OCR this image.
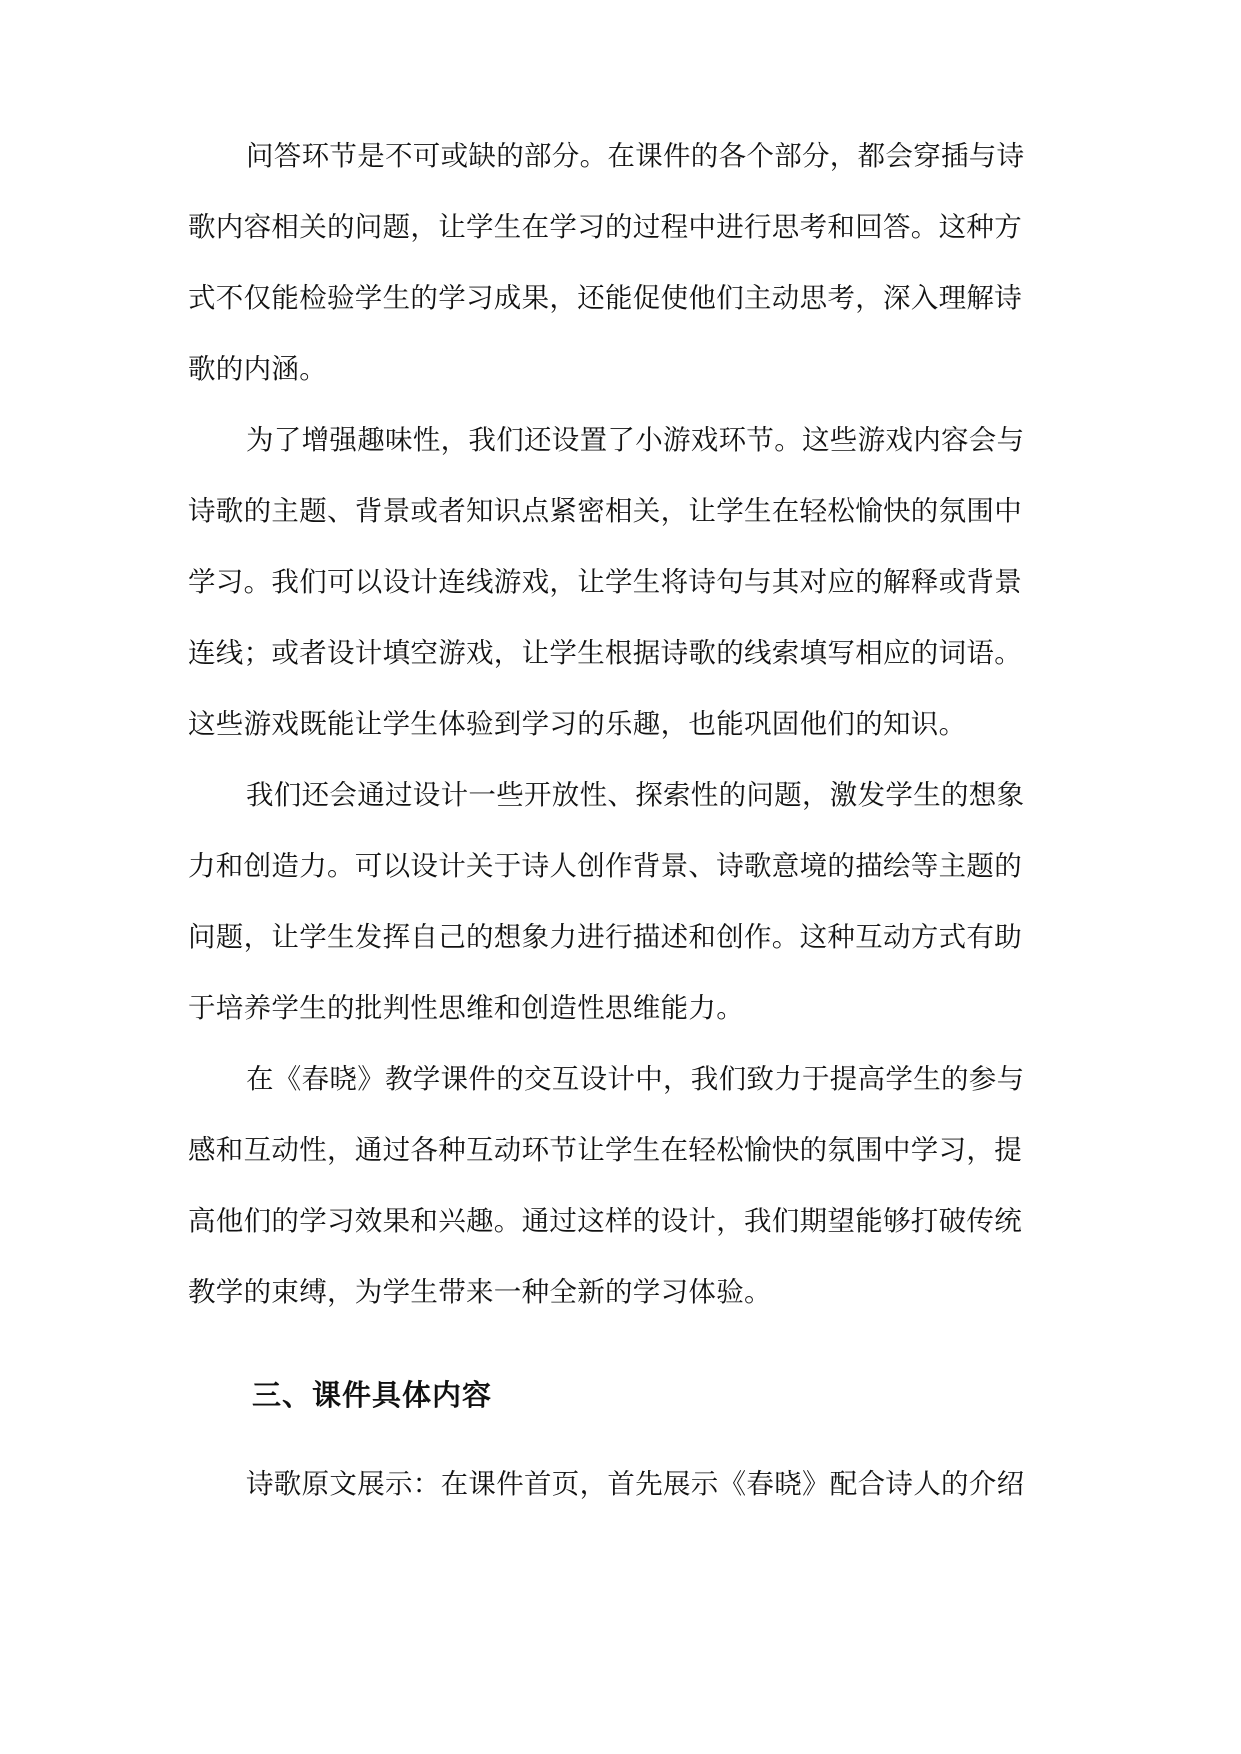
问答环节是不可或缺的部分。在课件的各个部分，都会穿插与诗
歌内容相关的问题，让学生在学习的过程中进行思考和回答。这种方
式不仅能检验学生的学习成果，还能促使他们主动思考，深入理解诗
歌的内涵。
为了增强趣味性，我们还设置了小游戏环节。这些游戏内容会与
诗歌的主题、背景或者知识点紧密相关，让学生在轻松愉快的氛围中
学习。我们可以设计连线游戏，让学生将诗句与其对应的解释或背景
连线；或者设计填空游戏，让学生根据诗歌的线索填写相应的词语。
这些游戏既能让学生体验到学习的乐趣，也能巩固他们的知识。
我们还会通过设计一些开放性、探索性的问题，激发学生的想象
力和创造力。可以设计关于诗人创作背景、诗歌意境的描绘等主题的
问题，让学生发挥自己的想象力进行描述和创作。这种互动方式有助
于培养学生的批判性思维和创造性思维能力。
在《春晓》教学课件的交互设计中，我们致力于提高学生的参与
感和互动性，通过各种互动环节让学生在轻松愉快的氛围中学习，提
高他们的学习效果和兴趣。通过这样的设计，我们期望能够打破传统
教学的束缚，为学生带来一种全新的学习体验。
三、课件具体内容
诗歌原文展示：在课件首页，首先展示《春晓》配合诗人的介绍
